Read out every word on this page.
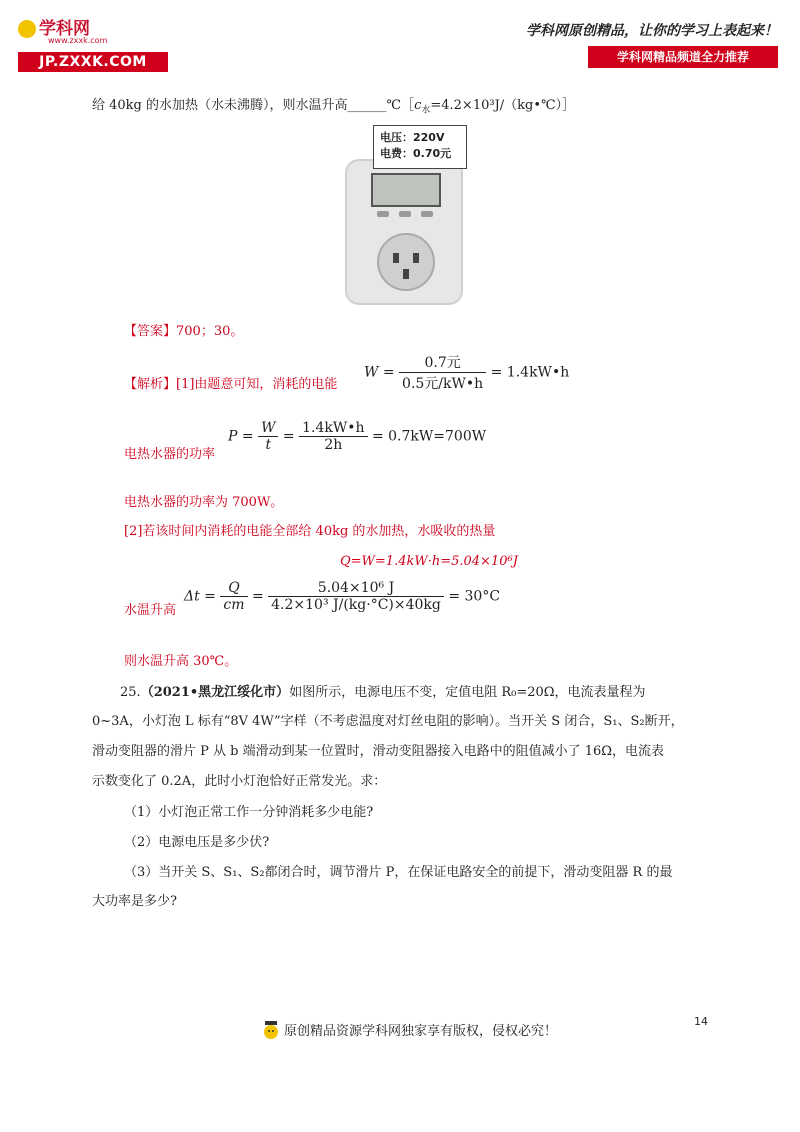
学科网
www.zxxk.com
JP.ZXXK.COM
学科网原创精品，让你的学习上表起来！
学科网精品频道全力推荐
给 40kg 的水加热（水未沸腾），则水温升高$\_\_\_\_\_\_℃[c_水=4.2\times 10^3J/(kg•℃)]$
电压：220V
电费：0.70元
【答案】700；30。
【解析】[1]由题意可知，消耗的电能
$W = \frac{\text{0.7元}}{\text{0.5元/kW•h}}$ = 1.4kW•h
电热水器的功率
$P = \frac{W}{t} = \frac{1.4kW•h}{2h} = 0.7kW=700W$
电热水器的功率为 700W。
[2]若该时间内消耗的电能全部给 40kg 的水加热，水吸收的热量
Q=W=1.4kW·h=5.04×10⁶J
水温升高
$\Delta t = \frac{Q}{cm} = \frac{\text{5.04×10⁶ J}}{\text{4.2×10³ J/(kg·°C)×40kg}} = 30^\circ C$
则水温升高 30℃。
25.（2021•黑龙江绥化市）如图所示，电源电压不变，定值电阻 R₀=20Ω，电流表量程为
0~3A，小灯泡 L 标有“8V 4W”字样（不考虑温度对灯丝电阻的影响）。当开关 S 闭合，S₁、S₂断开，
滑动变阻器的滑片 P 从 b 端滑动到某一位置时，滑动变阻器接入电路中的阻值减小了 16Ω，电流表
示数变化了 0.2A，此时小灯泡恰好正常发光。求：
（1）小灯泡正常工作一分钟消耗多少电能?
（2）电源电压是多少伏?
（3）当开关 S、S₁、S₂都闭合时，调节滑片 P，在保证电路安全的前提下，滑动变阻器 R 的最
大功率是多少?
14
原创精品资源学科网独家享有版权，侵权必究！
